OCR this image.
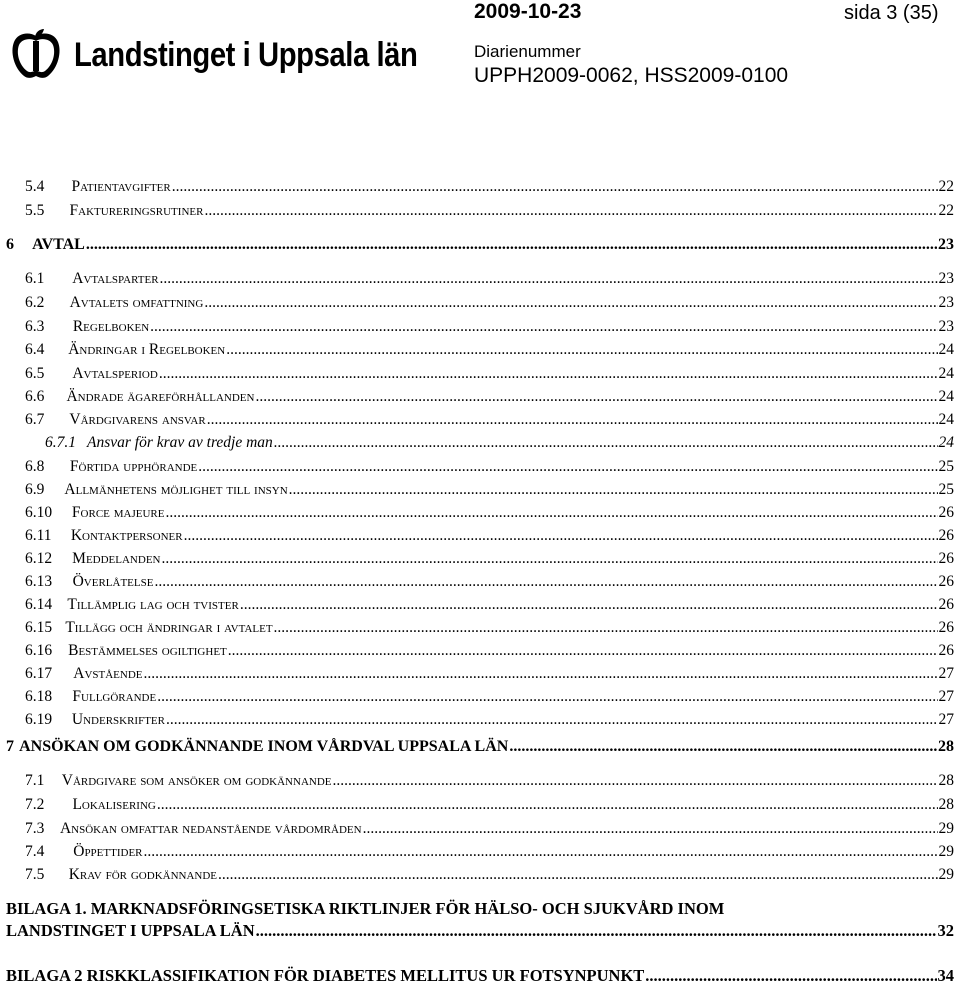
Landstinget i Uppsala län
2009-10-23	sida 3 (35)
Diarienummer
UPPH2009-0062, HSS2009-0100
5.4	Patientavgifter .....	22
5.5	Faktureringsrutiner .....	22
6	AVTAL .....	23
6.1	Avtalsparter .....	23
6.2	Avtalets omfattning .....	23
6.3	Regelboken .....	23
6.4	Ändringar i Regelboken .....	24
6.5	Avtalsperiod .....	24
6.6	Ändrade ägareförhållanden .....	24
6.7	Vårdgivarens ansvar .....	24
6.7.1 Ansvar för krav av tredje man .....	24
6.8	Förtida upphörande .....	25
6.9	Allmänhetens möjlighet till insyn .....	25
6.10	Force majeure .....	26
6.11	Kontaktpersoner .....	26
6.12	Meddelanden .....	26
6.13	Överlåtelse .....	26
6.14 Tillämplig lag och tvister .....	26
6.15 Tillägg och ändringar i avtalet .....	26
6.16	Bestämmelses ogiltighet .....	26
6.17	Avstående .....	27
6.18	Fullgörande .....	27
6.19	Underskrifter .....	27
7 ANSÖKAN OM GODKÄNNANDE INOM VÅRDVAL UPPSALA LÄN .....	28
7.1	Vårdgivare som ansöker om godkännande .....	28
7.2	Lokalisering .....	28
7.3	Ansökan omfattar nedanstående vårdområden .....	29
7.4	Öppettider .....	29
7.5	Krav för godkännande .....	29
BILAGA 1. MARKNADSFÖRINGSETISKA RIKTLINJER FÖR HÄLSO- OCH SJUKVÅRD INOM
LANDSTINGET I UPPSALA LÄN .....	32
BILAGA 2 RISKKLASSIFIKATION FÖR DIABETES MELLITUS UR FOTSYNPUNKT .....	34
